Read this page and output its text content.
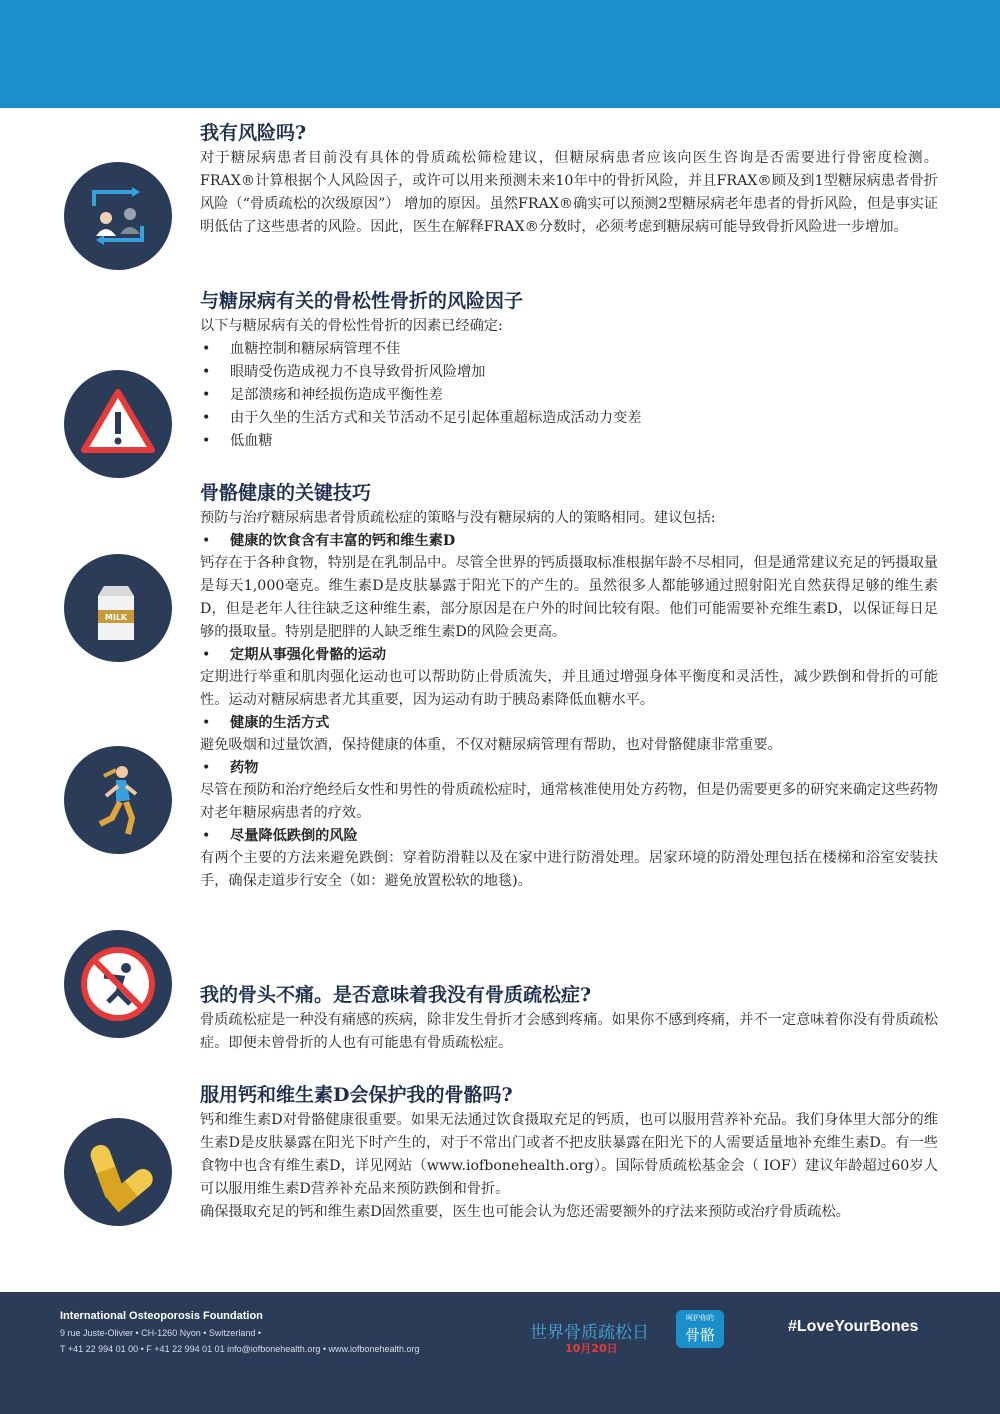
MILK
我有风险吗?

对于糖尿病患者目前没有具体的骨质疏松筛检建议，但糖尿病患者应该向医生咨询是否需要进行骨密度检测。 FRAX®计算根据个人风险因子，或许可以用来预测未来10年中的骨折风险，并且FRAX®顾及到1型糖尿病患者骨折风险（“骨质疏松的次级原因”） 增加的原因。虽然FRAX®确实可以预测2型糖尿病老年患者的骨折风险，但是事实证明低估了这些患者的风险。因此，医生在解释FRAX®分数时，必须考虑到糖尿病可能导致骨折风险进一步增加。

与糖尿病有关的骨松性骨折的风险因子

以下与糖尿病有关的骨松性骨折的因素已经确定:

• 血糖控制和糖尿病管理不佳
• 眼睛受伤造成视力不良导致骨折风险增加
• 足部溃疡和神经损伤造成平衡性差
• 由于久坐的生活方式和关节活动不足引起体重超标造成活动力变差
• 低血糖
骨骼健康的关键技巧

预防与治疗糖尿病患者骨质疏松症的策略与没有糖尿病的人的策略相同。建议包括:

• 健康的饮食含有丰富的钙和维生素D

钙存在于各种食物，特别是在乳制品中。尽管全世界的钙质摄取标准根据年龄不尽相同，但是通常建议充足的钙摄取量是每天1,000毫克。维生素D是皮肤暴露于阳光下的产生的。虽然很多人都能够通过照射阳光自然获得足够的维生素D，但是老年人往往缺乏这种维生素，部分原因是在户外的时间比较有限。他们可能需要补充维生素D，以保证每日足够的摄取量。特别是肥胖的人缺乏维生素D的风险会更高。

• 定期从事强化骨骼的运动

定期进行举重和肌肉强化运动也可以帮助防止骨质流失，并且通过增强身体平衡度和灵活性，减少跌倒和骨折的可能性。运动对糖尿病患者尤其重要，因为运动有助于胰岛素降低血糖水平。

• 健康的生活方式

避免吸烟和过量饮酒，保持健康的体重，不仅对糖尿病管理有帮助，也对骨骼健康非常重要。

• 药物

尽管在预防和治疗绝经后女性和男性的骨质疏松症时，通常核准使用处方药物，但是仍需要更多的研究来确定这些药物对老年糖尿病患者的疗效。

• 尽量降低跌倒的风险

有两个主要的方法来避免跌倒：穿着防滑鞋以及在家中进行防滑处理。居家环境的防滑处理包括在楼梯和浴室安装扶手，确保走道步行安全（如：避免放置松软的地毯)。

我的骨头不痛。是否意味着我没有骨质疏松症?

骨质疏松症是一种没有痛感的疾病，除非发生骨折才会感到疼痛。如果你不感到疼痛，并不一定意味着你没有骨质疏松症。即便未曾骨折的人也有可能患有骨质疏松症。

服用钙和维生素D会保护我的骨骼吗?

钙和维生素D对骨骼健康很重要。如果无法通过饮食摄取充足的钙质，也可以服用营养补充品。我们身体里大部分的维生素D是皮肤暴露在阳光下时产生的，对于不常出门或者不把皮肤暴露在阳光下的人需要适量地补充维生素D。有一些食物中也含有维生素D，详见网站（www.iofbonehealth.org）。国际骨质疏松基金会（ IOF）建议年龄超过60岁人可以服用维生素D营养补充品来预防跌倒和骨折。

确保摄取充足的钙和维生素D固然重要，医生也可能会认为您还需要额外的疗法来预防或治疗骨质疏松。

International Osteoporosis Foundation
9 rue Juste-Olivier • CH-1260 Nyon • Switzerland •
T +41 22 994 01 00 • F +41 22 994 01 01 info@iofbonehealth.org • www.iofbonehealth.org
世界骨质疏松日
10月20日
呵护你的
骨骼	#LoveYourBones
